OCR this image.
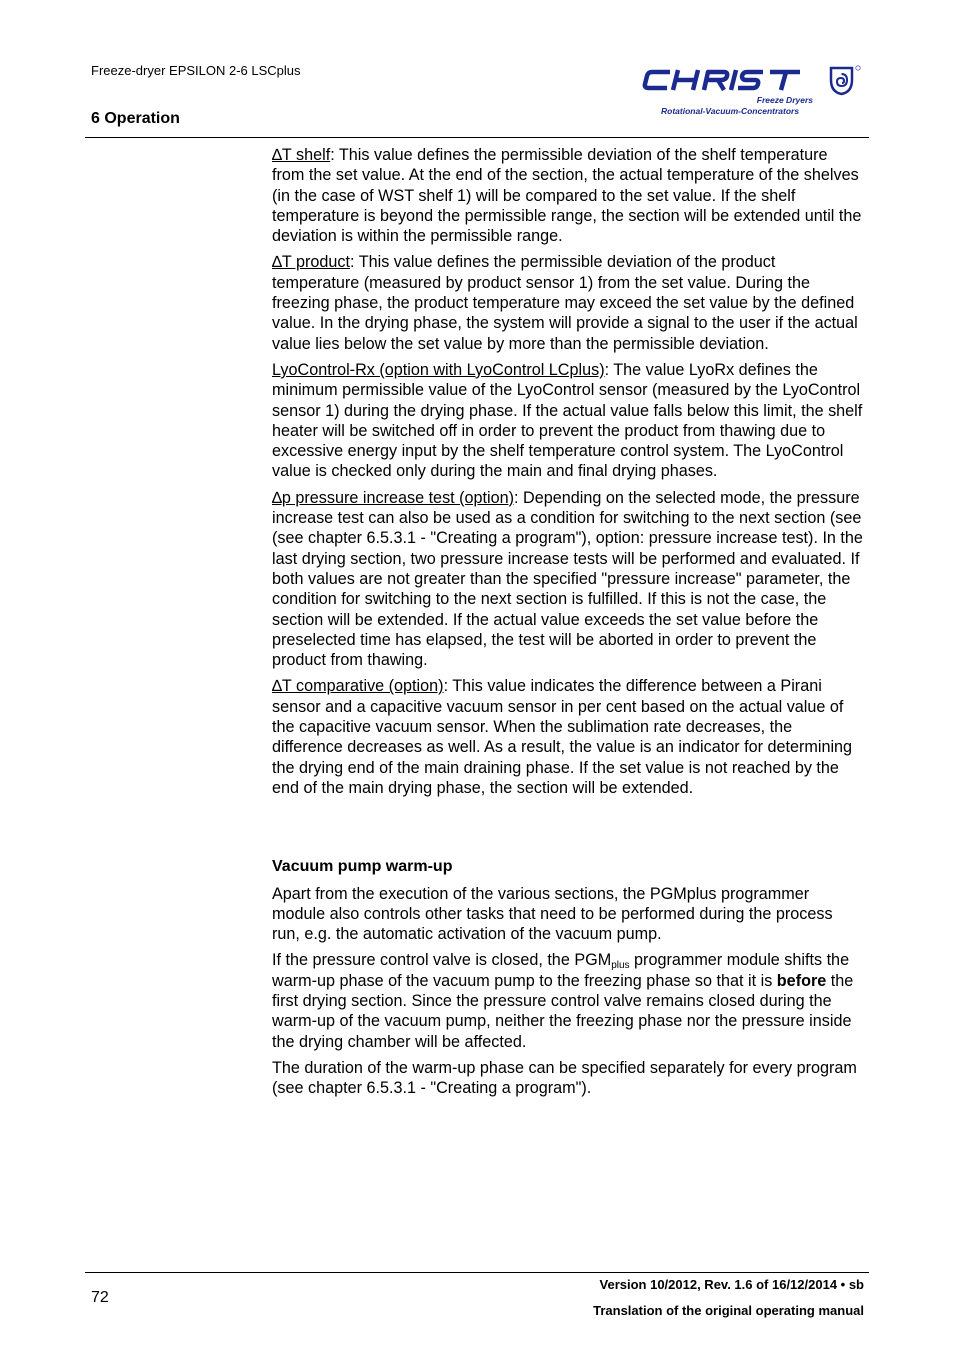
Freeze-dryer EPSILON 2-6 LSCplus
6 Operation
Freeze Dryers
Rotational-Vacuum-Concentrators

∆T shelf: This value defines the permissible deviation of the shelf temperature from the set value. At the end of the section, the actual temperature of the shelves (in the case of WST shelf 1) will be compared to the set value. If the shelf temperature is beyond the permissible range, the section will be extended until the deviation is within the permissible range.

∆T product: This value defines the permissible deviation of the product temperature (measured by product sensor 1) from the set value. During the freezing phase, the product temperature may exceed the set value by the defined value. In the drying phase, the system will provide a signal to the user if the actual value lies below the set value by more than the permissible deviation.

LyoControl-Rx (option with LyoControl LCplus): The value LyoRx defines the minimum permissible value of the LyoControl sensor (measured by the LyoControl sensor 1) during the drying phase. If the actual value falls below this limit, the shelf heater will be switched off in order to prevent the product from thawing due to excessive energy input by the shelf temperature control system. The LyoControl value is checked only during the main and final drying phases.

∆p pressure increase test (option): Depending on the selected mode, the pressure increase test can also be used as a condition for switching to the next section (see (see chapter 6.5.3.1 - "Creating a program"), option: pressure increase test). In the last drying section, two pressure increase tests will be performed and evaluated. If both values are not greater than the specified "pressure increase" parameter, the condition for switching to the next section is fulfilled. If this is not the case, the section will be extended. If the actual value exceeds the set value before the preselected time has elapsed, the test will be aborted in order to prevent the product from thawing.

∆T comparative (option): This value indicates the difference between a Pirani sensor and a capacitive vacuum sensor in per cent based on the actual value of the capacitive vacuum sensor. When the sublimation rate decreases, the difference decreases as well. As a result, the value is an indicator for determining the drying end of the main draining phase. If the set value is not reached by the end of the main drying phase, the section will be extended.

Vacuum pump warm-up

Apart from the execution of the various sections, the PGMplus programmer module also controls other tasks that need to be performed during the process run, e.g. the automatic activation of the vacuum pump.

If the pressure control valve is closed, the $PGM_{plus}$ programmer module shifts the warm-up phase of the vacuum pump to the freezing phase so that it is before the first drying section. Since the pressure control valve remains closed during the warm-up of the vacuum pump, neither the freezing phase nor the pressure inside the drying chamber will be affected.

The duration of the warm-up phase can be specified separately for every program (see chapter 6.5.3.1 - "Creating a program").

72
Version 10/2012, Rev. 1.6 of 16/12/2014 • sb
Translation of the original operating manual
